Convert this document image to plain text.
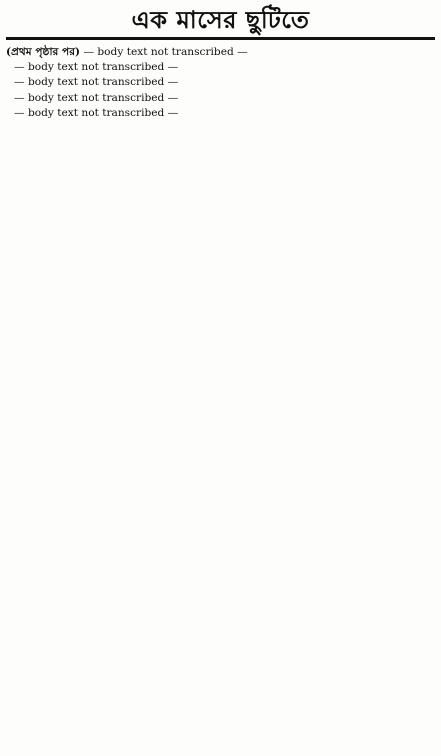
এক মাসের ছুটিতে

(প্রথম পৃষ্ঠার পর) — body text not transcribed —

— body text not transcribed —

— body text not transcribed —

— body text not transcribed —

— body text not transcribed —
